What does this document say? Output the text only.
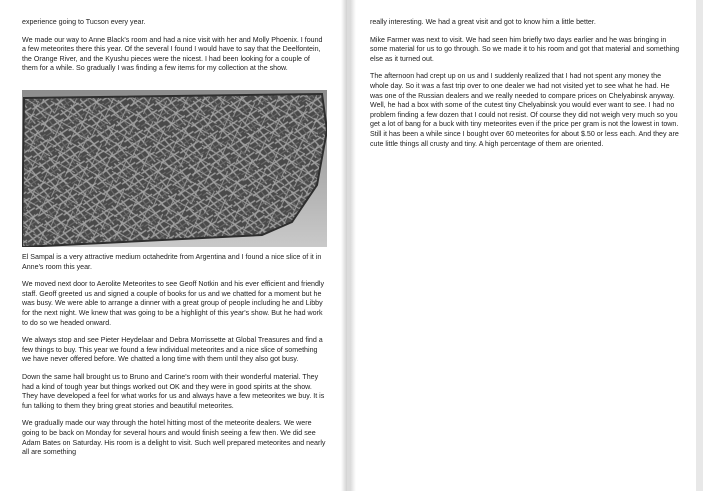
experience going to Tucson every year.

We made our way to Anne Black's room and had a nice visit with her and Molly Phoenix. I found a few meteorites there this year. Of the several I found I would have to say that the Deelfontein, the Orange River, and the Kyushu pieces were the nicest. I had been looking for a couple of them for a while. So gradually I was finding a few items for my collection at the show.

El Sampal is a very attractive medium octahedrite from Argentina and I found a nice slice of it in Anne's room this year.

We moved next door to Aerolite Meteorites to see Geoff Notkin and his ever efficient and friendly staff. Geoff greeted us and signed a couple of books for us and we chatted for a moment but he was busy. We were able to arrange a dinner with a great group of people including he and Libby for the next night. We knew that was going to be a highlight of this year's show. But he had work to do so we headed onward.

We always stop and see Pieter Heydelaar and Debra Morrissette at Global Treasures and find a few things to buy. This year we found a few individual meteorites and a nice slice of something we have never offered before. We chatted a long time with them until they also got busy.

Down the same hall brought us to Bruno and Carine's room with their wonderful material. They had a kind of tough year but things worked out OK and they were in good spirits at the show. They have developed a feel for what works for us and always have a few meteorites we buy. It is fun talking to them they bring great stories and beautiful meteorites.

We gradually made our way through the hotel hitting most of the meteorite dealers. We were going to be back on Monday for several hours and would finish seeing a few then. We did see Adam Bates on Saturday. His room is a delight to visit. Such well prepared meteorites and nearly all are something

really interesting. We had a great visit and got to know him a little better.

Mike Farmer was next to visit. We had seen him briefly two days earlier and he was bringing in some material for us to go through. So we made it to his room and got that material and something else as it turned out.

The afternoon had crept up on us and I suddenly realized that I had not spent any money the whole day. So it was a fast trip over to one dealer we had not visited yet to see what he had. He was one of the Russian dealers and we really needed to compare prices on Chelyabinsk anyway. Well, he had a box with some of the cutest tiny Chelyabinsk you would ever want to see. I had no problem finding a few dozen that I could not resist. Of course they did not weigh very much so you get a lot of bang for a buck with tiny meteorites even if the price per gram is not the lowest in town. Still it has been a while since I bought over 60 meteorites for about $.50 or less each. And they are cute little things all crusty and tiny. A high percentage of them are oriented.
